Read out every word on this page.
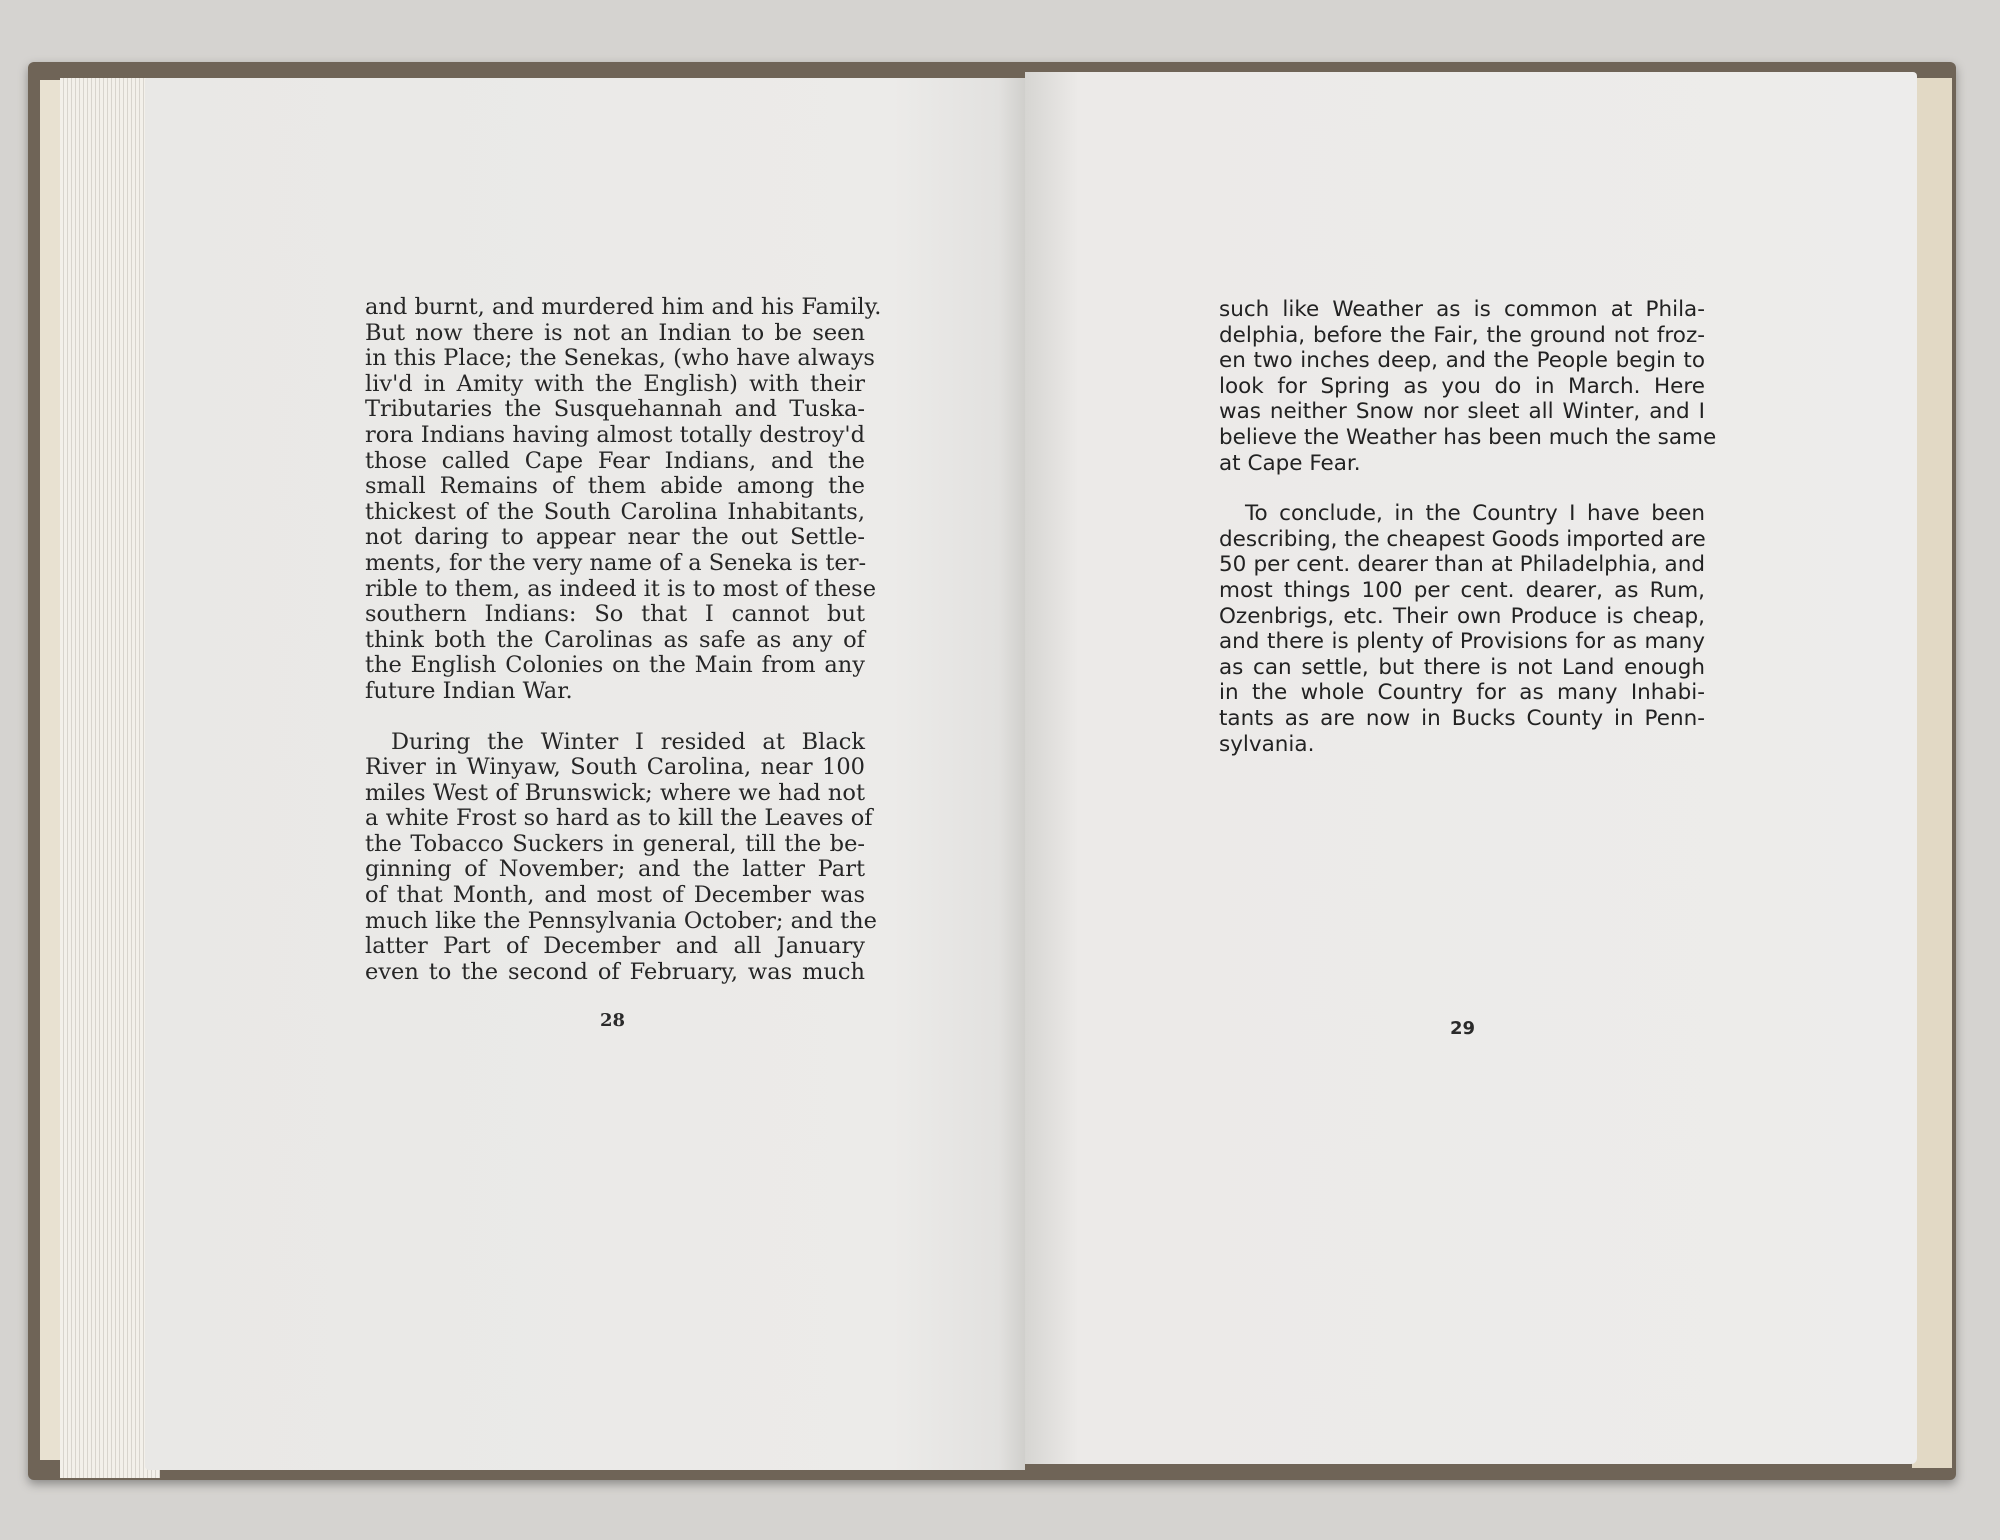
and burnt, and murdered him and his Family.
But now there is not an Indian to be seen
in this Place; the Senekas, (who have always
liv'd in Amity with the English) with their
Tributaries the Susquehannah and Tuska-
rora Indians having almost totally destroy'd
those called Cape Fear Indians, and the
small Remains of them abide among the
thickest of the South Carolina Inhabitants,
not daring to appear near the out Settle-
ments, for the very name of a Seneka is ter-
rible to them, as indeed it is to most of these
southern Indians: So that I cannot but
think both the Carolinas as safe as any of
the English Colonies on the Main from any
future Indian War.
During the Winter I resided at Black
River in Winyaw, South Carolina, near 100
miles West of Brunswick; where we had not
a white Frost so hard as to kill the Leaves of
the Tobacco Suckers in general, till the be-
ginning of November; and the latter Part
of that Month, and most of December was
much like the Pennsylvania October; and the
latter Part of December and all January
even to the second of February, was much
28
such like Weather as is common at Phila-
delphia, before the Fair, the ground not froz-
en two inches deep, and the People begin to
look for Spring as you do in March. Here
was neither Snow nor sleet all Winter, and I
believe the Weather has been much the same
at Cape Fear.
To conclude, in the Country I have been
describing, the cheapest Goods imported are
50 per cent. dearer than at Philadelphia, and
most things 100 per cent. dearer, as Rum,
Ozenbrigs, etc. Their own Produce is cheap,
and there is plenty of Provisions for as many
as can settle, but there is not Land enough
in the whole Country for as many Inhabi-
tants as are now in Bucks County in Penn-
sylvania.
29
